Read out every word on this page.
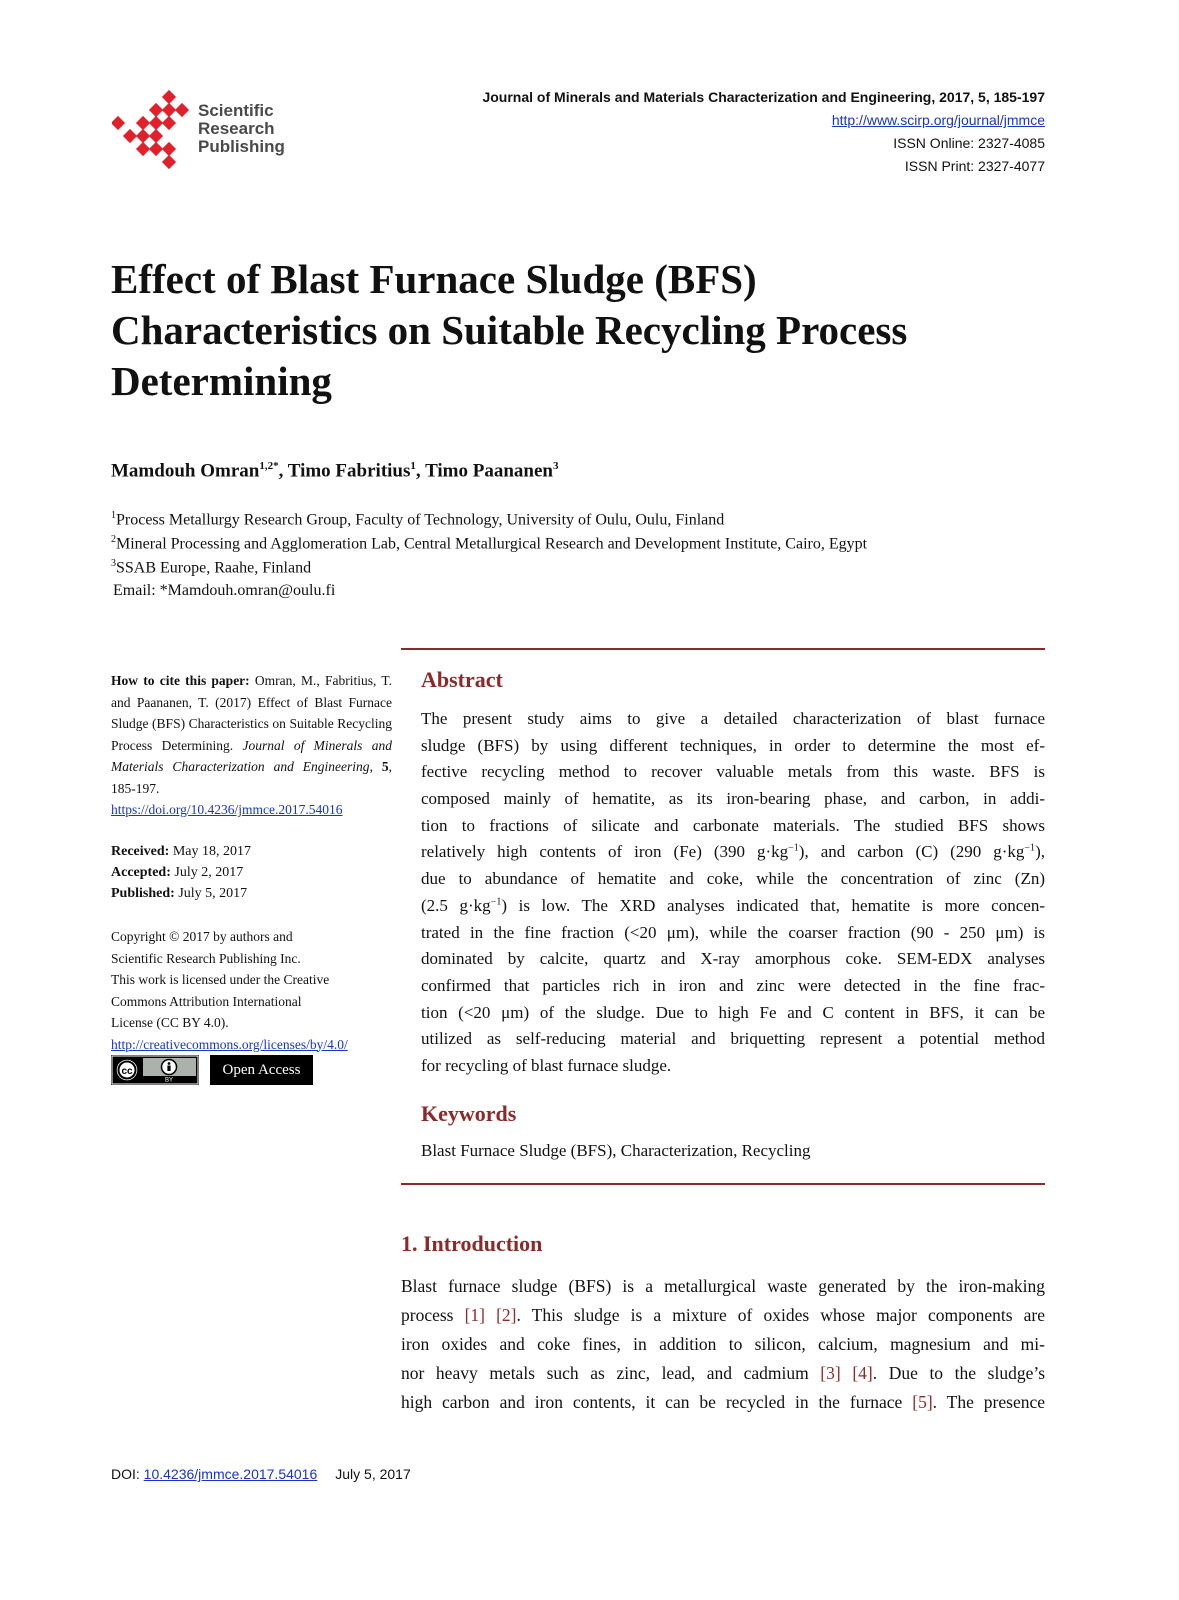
Scientific
Research
Publishing
Journal of Minerals and Materials Characterization and Engineering, 2017, 5, 185-197
http://www.scirp.org/journal/jmmce
ISSN Online: 2327-4085
ISSN Print: 2327-4077
Effect of Blast Furnace Sludge (BFS)
Characteristics on Suitable Recycling Process
Determining
Mamdouh Omran$^{1,2*}$, Timo Fabritius$^1$, Timo Paananen$^3$
$^1$Process Metallurgy Research Group, Faculty of Technology, University of Oulu, Oulu, Finland
$^2$Mineral Processing and Agglomeration Lab, Central Metallurgical Research and Development Institute, Cairo, Egypt
$^3$SSAB Europe, Raahe, Finland
Email: *Mamdouh.omran@oulu.fi
How to cite this paper: Omran, M., Fabritius, T. and Paananen, T. (2017) Effect of Blast Furnace Sludge (BFS) Characteristics on Suitable Recycling Process Determining. Journal of Minerals and Materials Characterization and Engineering, 5, 185-197.
https://doi.org/10.4236/jmmce.2017.54016
Received: May 18, 2017
Accepted: July 2, 2017
Published: July 5, 2017
Copyright © 2017 by authors and
Scientific Research Publishing Inc.
This work is licensed under the Creative
Commons Attribution International
License (CC BY 4.0).
http://creativecommons.org/licenses/by/4.0/
cc
BY
Open Access
Abstract
The present study aims to give a detailed characterization of blast furnace
sludge (BFS) by using different techniques, in order to determine the most ef-
fective recycling method to recover valuable metals from this waste. BFS is
composed mainly of hematite, as its iron-bearing phase, and carbon, in addi-
tion to fractions of silicate and carbonate materials. The studied BFS shows
relatively high contents of iron (Fe) (390 $g\cdot kg^{-1}$), and carbon (C) (290 $g\cdot kg^{-1}$),
due to abundance of hematite and coke, while the concentration of zinc (Zn)
(2.5 $g\cdot kg^{-1}$) is low. The XRD analyses indicated that, hematite is more concen-
trated in the fine fraction (<20 μm), while the coarser fraction (90 - 250 μm) is
dominated by calcite, quartz and X-ray amorphous coke. SEM-EDX analyses
confirmed that particles rich in iron and zinc were detected in the fine frac-
tion (<20 μm) of the sludge. Due to high Fe and C content in BFS, it can be
utilized as self-reducing material and briquetting represent a potential method
for recycling of blast furnace sludge.
Keywords
Blast Furnace Sludge (BFS), Characterization, Recycling
1. Introduction
Blast furnace sludge (BFS) is a metallurgical waste generated by the iron-making
process [1] [2]. This sludge is a mixture of oxides whose major components are
iron oxides and coke fines, in addition to silicon, calcium, magnesium and mi-
nor heavy metals such as zinc, lead, and cadmium [3] [4]. Due to the sludge’s
high carbon and iron contents, it can be recycled in the furnace [5]. The presence
DOI: 10.4236/jmmce.2017.54016 July 5, 2017
